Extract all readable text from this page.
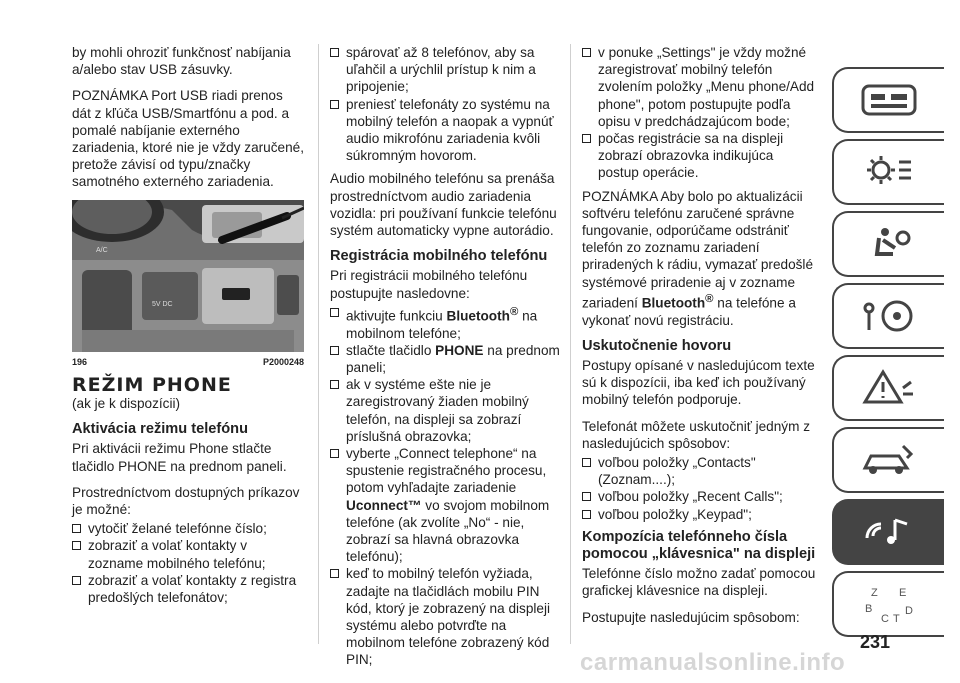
by mohli ohroziť funkčnosť nabíjania a/alebo stav USB zásuvky.

POZNÁMKA Port USB riadi prenos dát z kľúča USB/Smartfónu a pod. a pomalé nabíjanie externého zariadenia, ktoré nie je vždy zaručené, pretože závisí od typu/značky samotného externého zariadenia.

A/C
5V DC
196	P2000248
REŽIM PHONE

(ak je k dispozícii)

Aktivácia režimu telefónu

Pri aktivácii režimu Phone stlačte tlačidlo PHONE na prednom paneli.

Prostredníctvom dostupných príkazov je možné:

vytočiť želané telefónne číslo;
zobraziť a volať kontakty v zozname mobilného telefónu;
zobraziť a volať kontakty z registra predošlých telefonátov;
spárovať až 8 telefónov, aby sa uľahčil a urýchlil prístup k nim a pripojenie;
preniesť telefonáty zo systému na mobilný telefón a naopak a vypnúť audio mikrofónu zariadenia kvôli súkromným hovorom.

Audio mobilného telefónu sa prenáša prostredníctvom audio zariadenia vozidla: pri používaní funkcie telefónu systém automaticky vypne autorádio.

Registrácia mobilného telefónu

Pri registrácii mobilného telefónu postupujte nasledovne:

aktivujte funkciu Bluetooth® na mobilnom telefóne;
stlačte tlačidlo PHONE na prednom paneli;
ak v systéme ešte nie je zaregistrovaný žiaden mobilný telefón, na displeji sa zobrazí príslušná obrazovka;
vyberte „Connect telephone“ na spustenie registračného procesu, potom vyhľadajte zariadenie Uconnect™ vo svojom mobilnom telefóne (ak zvolíte „No“ - nie, zobrazí sa hlavná obrazovka telefónu);
keď to mobilný telefón vyžiada, zadajte na tlačidlách mobilu PIN kód, ktorý je zobrazený na displeji systému alebo potvrďte na mobilnom telefóne zobrazený kód PIN;
v ponuke „Settings" je vždy možné zaregistrovať mobilný telefón zvolením položky „Menu phone/Add phone", potom postupujte podľa opisu v predchádzajúcom bode;
počas registrácie sa na displeji zobrazí obrazovka indikujúca postup operácie.

POZNÁMKA Aby bolo po aktualizácii softvéru telefónu zaručené správne fungovanie, odporúčame odstrániť telefón zo zoznamu zariadení priradených k rádiu, vymazať predošlé systémové priradenie aj v zozname zariadení Bluetooth® na telefóne a vykonať novú registráciu.

Uskutočnenie hovoru

Postupy opísané v nasledujúcom texte sú k dispozícii, iba keď ich používaný mobilný telefón podporuje.

Telefonát môžete uskutočniť jedným z nasledujúcich spôsobov:

voľbou položky „Contacts" (Zoznam....);
voľbou položky „Recent Calls";
voľbou položky „Keypad";
Kompozícia telefónneho čísla pomocou „klávesnica" na displeji

Telefónne číslo možno zadať pomocou grafickej klávesnice na displeji.

Postupujte nasledujúcim spôsobom:

Z E
B
C T
D
231
carmanualsonline.info
